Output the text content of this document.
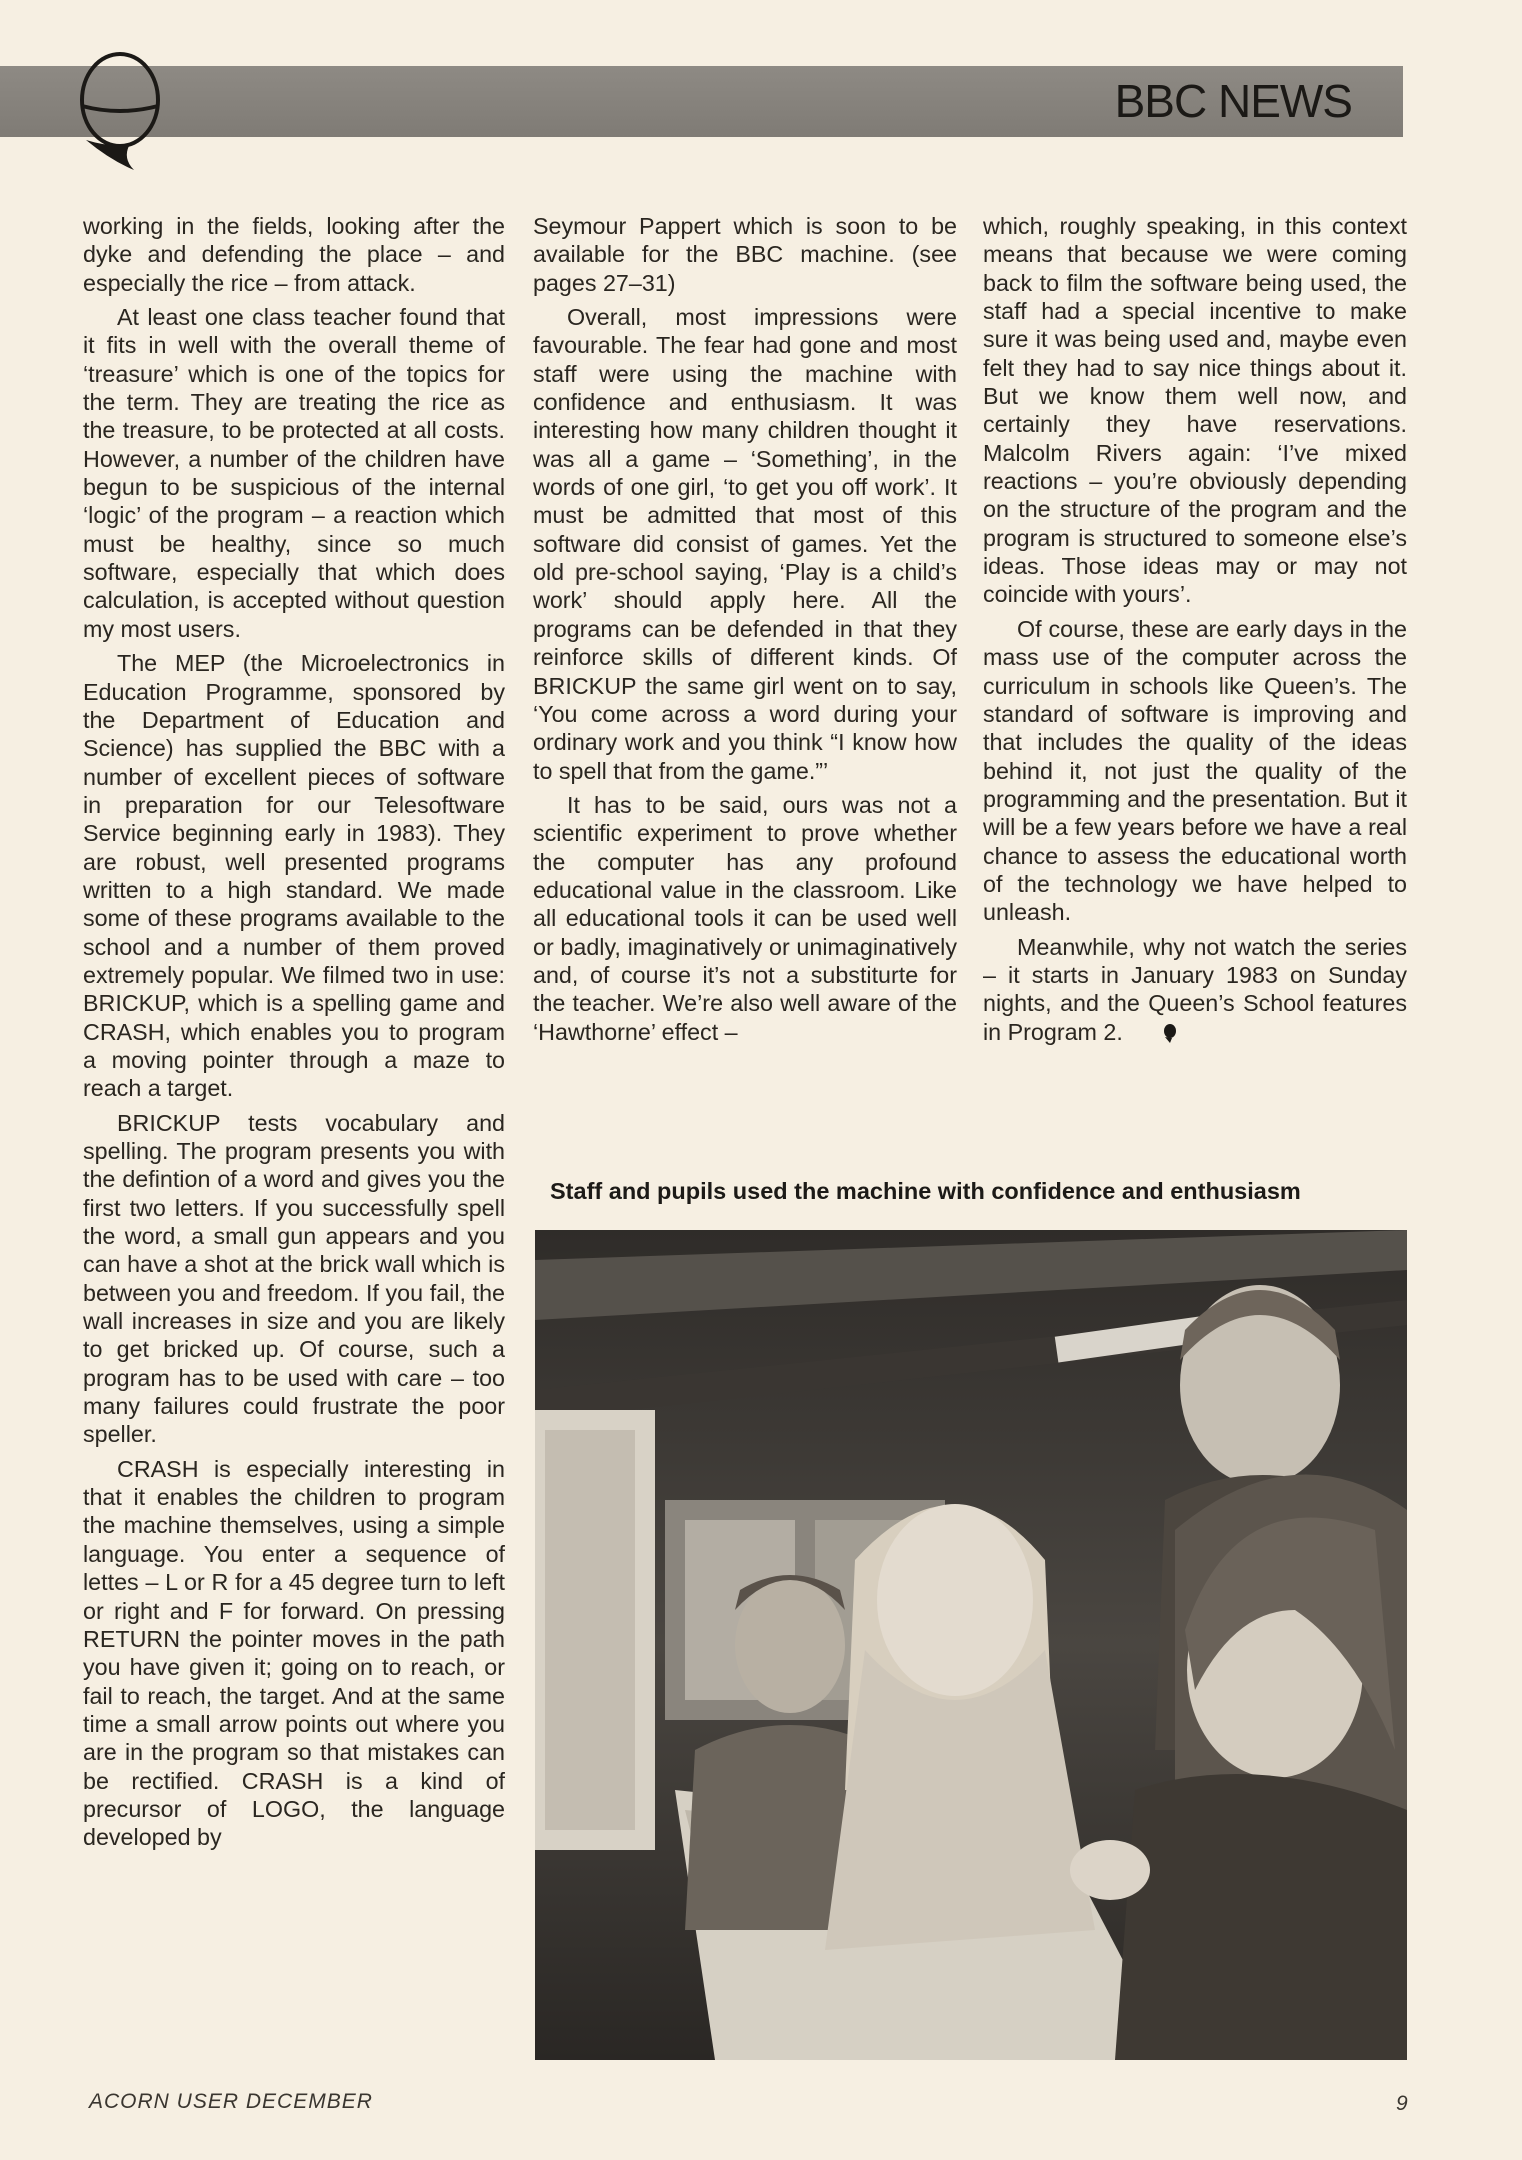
BBC NEWS

working in the fields, looking after the dyke and defending the place – and especially the rice – from attack.

At least one class teacher found that it fits in well with the overall theme of ‘treasure’ which is one of the topics for the term. They are treating the rice as the treasure, to be protected at all costs. However, a number of the children have begun to be suspicious of the internal ‘logic’ of the program – a reaction which must be healthy, since so much software, especially that which does calculation, is accepted without question my most users.

The MEP (the Microelectronics in Education Programme, sponsored by the Department of Education and Science) has supplied the BBC with a number of excellent pieces of software in preparation for our Telesoftware Service beginning early in 1983). They are robust, well presented programs written to a high standard. We made some of these programs available to the school and a number of them proved extremely popular. We filmed two in use: BRICKUP, which is a spelling game and CRASH, which enables you to program a moving pointer through a maze to reach a target.

BRICKUP tests vocabulary and spelling. The program presents you with the defintion of a word and gives you the first two letters. If you successfully spell the word, a small gun appears and you can have a shot at the brick wall which is between you and freedom. If you fail, the wall increases in size and you are likely to get bricked up. Of course, such a program has to be used with care – too many failures could frustrate the poor speller.

CRASH is especially interesting in that it enables the children to program the machine themselves, using a simple language. You enter a sequence of lettes – L or R for a 45 degree turn to left or right and F for forward. On pressing RETURN the pointer moves in the path you have given it; going on to reach, or fail to reach, the target. And at the same time a small arrow points out where you are in the program so that mistakes can be rectified. CRASH is a kind of precursor of LOGO, the language developed by

Seymour Pappert which is soon to be available for the BBC machine. (see pages 27–31)

Overall, most impressions were favourable. The fear had gone and most staff were using the machine with confidence and enthusiasm. It was interesting how many children thought it was all a game – ‘Something’, in the words of one girl, ‘to get you off work’. It must be admitted that most of this software did consist of games. Yet the old pre-school saying, ‘Play is a child’s work’ should apply here. All the programs can be defended in that they reinforce skills of different kinds. Of BRICKUP the same girl went on to say, ‘You come across a word during your ordinary work and you think “I know how to spell that from the game.”’

It has to be said, ours was not a scientific experiment to prove whether the computer has any profound educational value in the classroom. Like all educational tools it can be used well or badly, imaginatively or unimaginatively and, of course it’s not a substiturte for the teacher. We’re also well aware of the ‘Hawthorne’ effect –

which, roughly speaking, in this context means that because we were coming back to film the software being used, the staff had a special incentive to make sure it was being used and, maybe even felt they had to say nice things about it. But we know them well now, and certainly they have reservations. Malcolm Rivers again: ‘I’ve mixed reactions – you’re obviously depending on the structure of the program and the program is structured to someone else’s ideas. Those ideas may or may not coincide with yours’.

Of course, these are early days in the mass use of the computer across the curriculum in schools like Queen’s. The standard of software is improving and that includes the quality of the ideas behind it, not just the quality of the programming and the presentation. But it will be a few years before we have a real chance to assess the educational worth of the technology we have helped to unleash.

Meanwhile, why not watch the series – it starts in January 1983 on Sunday nights, and the Queen’s School features in Program 2.

Staff and pupils used the machine with confidence and enthusiasm
ACORN USER DECEMBER	9
